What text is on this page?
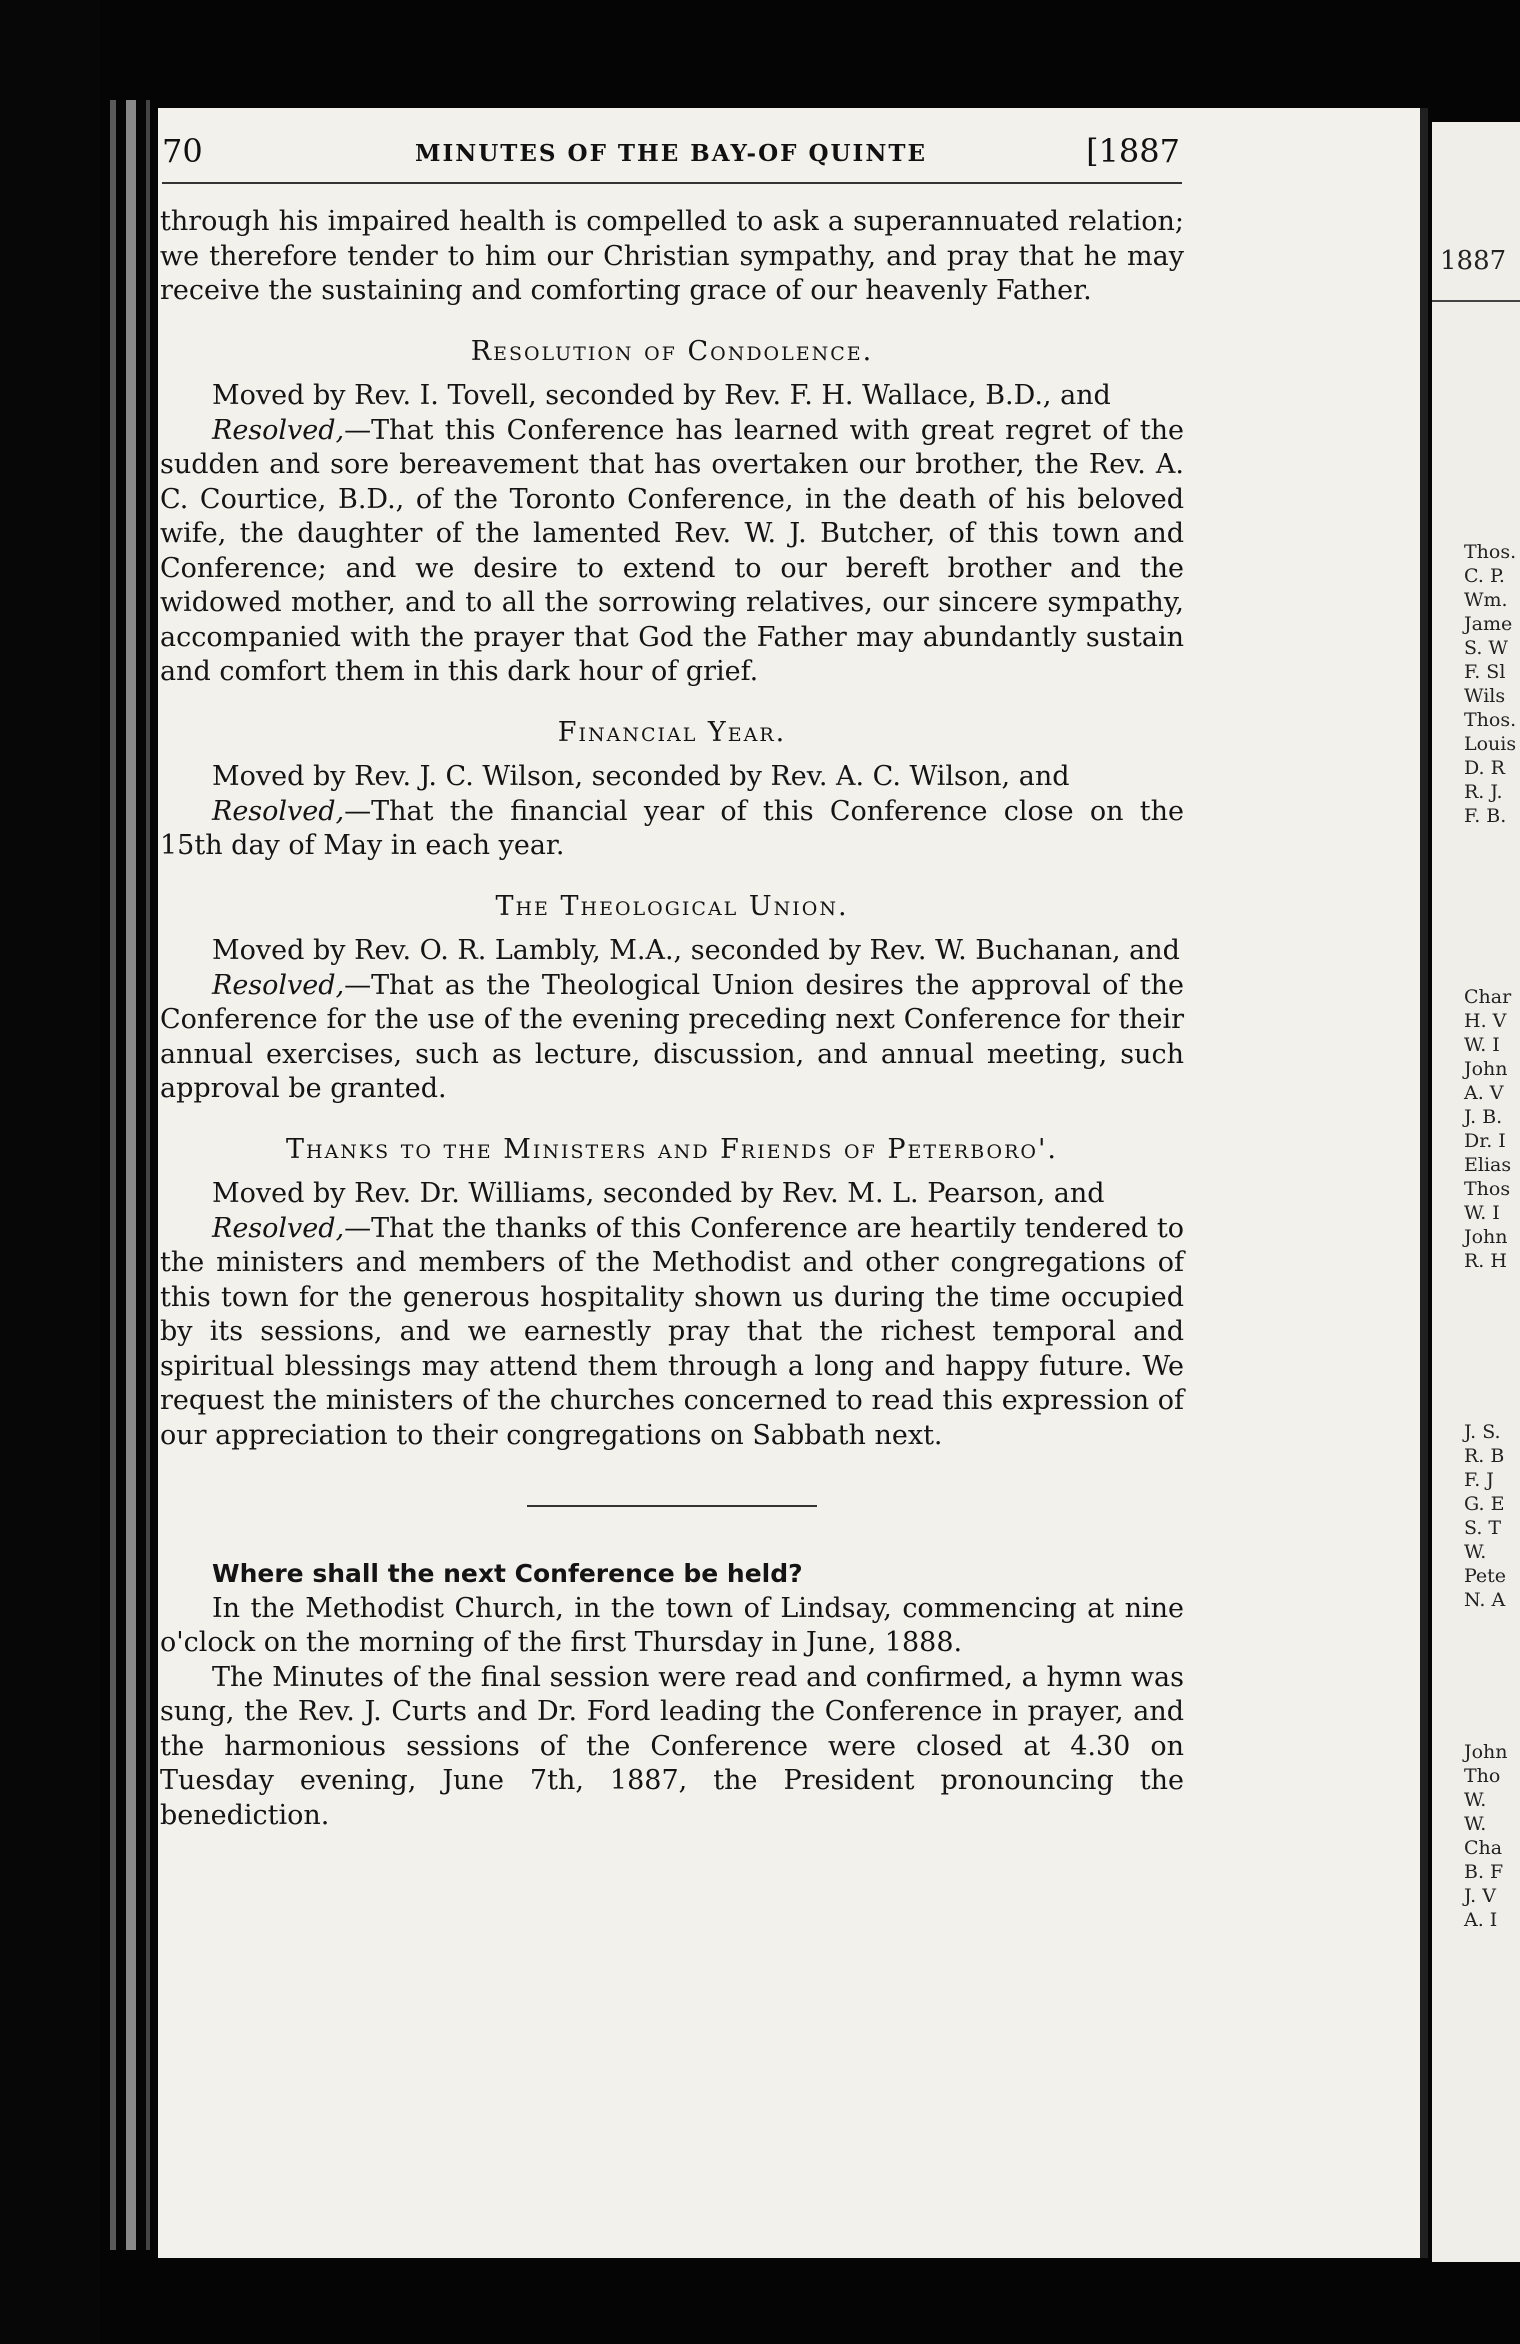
1887
Thos.
C. P.
Wm.
Jame
S. W
F. Sl
Wils
Thos.
Louis
D. R
R. J.
F. B.
Char
H. V
W. I
John
A. V
J. B.
Dr. I
Elias
Thos
W. I
John
R. H
J. S.
R. B
F. J
G. E
S. T
W.
Pete
N. A
John
Tho
W.
W.
Cha
B. F
J. V
A. I
70	MINUTES OF THE BAY-OF QUINTE	[1887

through his impaired health is compelled to ask a superannuated relation; we therefore tender to him our Christian sympathy, and pray that he may receive the sustaining and comforting grace of our heavenly Father.

Resolution of Condolence.

Moved by Rev. I. Tovell, seconded by Rev. F. H. Wallace, B.D., and

Resolved,—That this Conference has learned with great regret of the sudden and sore bereavement that has overtaken our brother, the Rev. A. C. Courtice, B.D., of the Toronto Conference, in the death of his beloved wife, the daughter of the lamented Rev. W. J. Butcher, of this town and Conference; and we desire to extend to our bereft brother and the widowed mother, and to all the sorrowing relatives, our sincere sympathy, accompanied with the prayer that God the Father may abundantly sustain and comfort them in this dark hour of grief.

Financial Year.

Moved by Rev. J. C. Wilson, seconded by Rev. A. C. Wilson, and

Resolved,—That the financial year of this Conference close on the 15th day of May in each year.

The Theological Union.

Moved by Rev. O. R. Lambly, M.A., seconded by Rev. W. Buchanan, and

Resolved,—That as the Theological Union desires the approval of the Conference for the use of the evening preceding next Conference for their annual exercises, such as lecture, discussion, and annual meeting, such approval be granted.

Thanks to the Ministers and Friends of Peterboro'.

Moved by Rev. Dr. Williams, seconded by Rev. M. L. Pearson, and

Resolved,—That the thanks of this Conference are heartily tendered to the ministers and members of the Methodist and other congregations of this town for the generous hospitality shown us during the time occupied by its sessions, and we earnestly pray that the richest temporal and spiritual blessings may attend them through a long and happy future. We request the ministers of the churches concerned to read this expression of our appreciation to their congregations on Sabbath next.

Where shall the next Conference be held?

In the Methodist Church, in the town of Lindsay, commencing at nine o'clock on the morning of the first Thursday in June, 1888.

The Minutes of the final session were read and confirmed, a hymn was sung, the Rev. J. Curts and Dr. Ford leading the Conference in prayer, and the harmonious sessions of the Conference were closed at 4.30 on Tuesday evening, June 7th, 1887, the President pronouncing the benediction.
